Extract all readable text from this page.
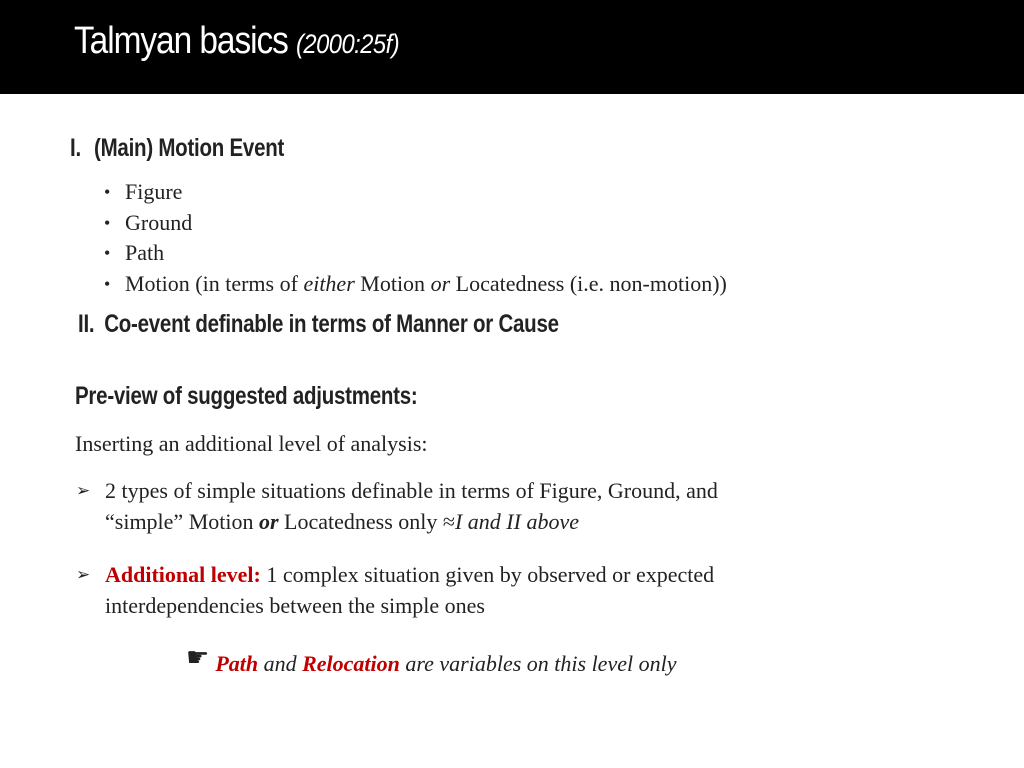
Talmyan basics (2000:25f)
I. (Main) Motion Event
• Figure
• Ground
• Path
• Motion (in terms of either Motion or Locatedness (i.e. non-motion))
II. Co-event definable in terms of Manner or Cause
Pre-view of suggested adjustments:

Inserting an additional level of analysis:

➢ 2 types of simple situations definable in terms of Figure, Ground, and
“simple” Motion or Locatedness only ≈I and II above
➢ Additional level: 1 complex situation given by observed or expected
interdependencies between the simple ones

☛ Path and Relocation are variables on this level only
